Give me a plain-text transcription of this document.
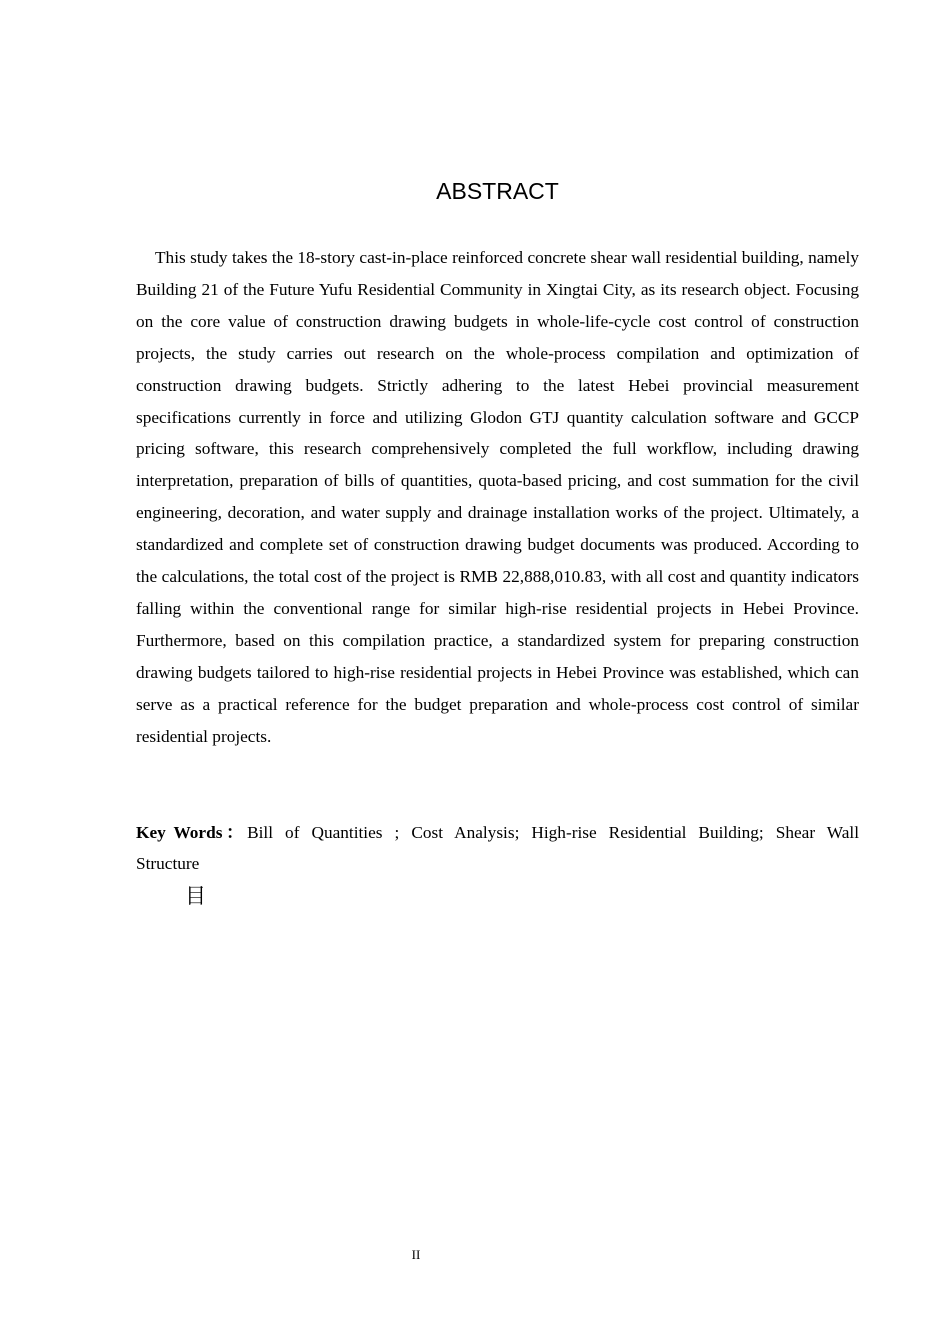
ABSTRACT

This study takes the 18-story cast-in-place reinforced concrete shear wall residential building, namely Building 21 of the Future Yufu Residential Community in Xingtai City, as its research object. Focusing on the core value of construction drawing budgets in whole-life-cycle cost control of construction projects, the study carries out research on the whole-process compilation and optimization of construction drawing budgets. Strictly adhering to the latest Hebei provincial measurement specifications currently in force and utilizing Glodon GTJ quantity calculation software and GCCP pricing software, this research comprehensively completed the full workflow, including drawing interpretation, preparation of bills of quantities, quota-based pricing, and cost summation for the civil engineering, decoration, and water supply and drainage installation works of the project. Ultimately, a standardized and complete set of construction drawing budget documents was produced. According to the calculations, the total cost of the project is RMB 22,888,010.83, with all cost and quantity indicators falling within the conventional range for similar high-rise residential projects in Hebei Province. Furthermore, based on this compilation practice, a standardized system for preparing construction drawing budgets tailored to high-rise residential projects in Hebei Province was established, which can serve as a practical reference for the budget preparation and whole-process cost control of similar residential projects.

Key Words：Bill of Quantities ; Cost Analysis; High-rise Residential Building; Shear Wall Structure

目
II
